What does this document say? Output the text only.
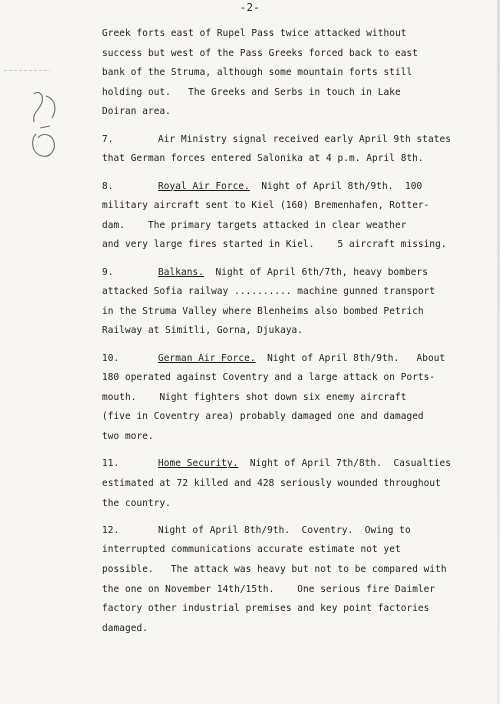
-2-
Greek forts east of Rupel Pass twice attacked without
success but west of the Pass Greeks forced back to east
bank of the Struma, although some mountain forts still
holding out.   The Greeks and Serbs in touch in Lake
Doiran area.
7.	Air Ministry signal received early April 9th states
that German forces entered Salonika at 4 p.m. April 8th.
8.	Royal Air Force.  Night of April 8th/9th.  100
military aircraft sent to Kiel (160) Bremenhafen, Rotter-
dam.    The primary targets attacked in clear weather
and very large fires started in Kiel.    5 aircraft missing.
9.	Balkans.  Night of April 6th/7th, heavy bombers
attacked Sofia railway .......... machine gunned transport
in the Struma Valley where Blenheims also bombed Petrich
Railway at Simitli, Gorna, Djukaya.
10.	German Air Force.  Night of April 8th/9th.   About
180 operated against Coventry and a large attack on Ports-
mouth.    Night fighters shot down six enemy aircraft
(five in Coventry area) probably damaged one and damaged
two more.
11.	Home Security.  Night of April 7th/8th.  Casualties
estimated at 72 killed and 428 seriously wounded throughout
the country.
12.	Night of April 8th/9th.  Coventry.  Owing to
interrupted communications accurate estimate not yet
possible.   The attack was heavy but not to be compared with
the one on November 14th/15th.    One serious fire Daimler
factory other industrial premises and key point factories
damaged.
